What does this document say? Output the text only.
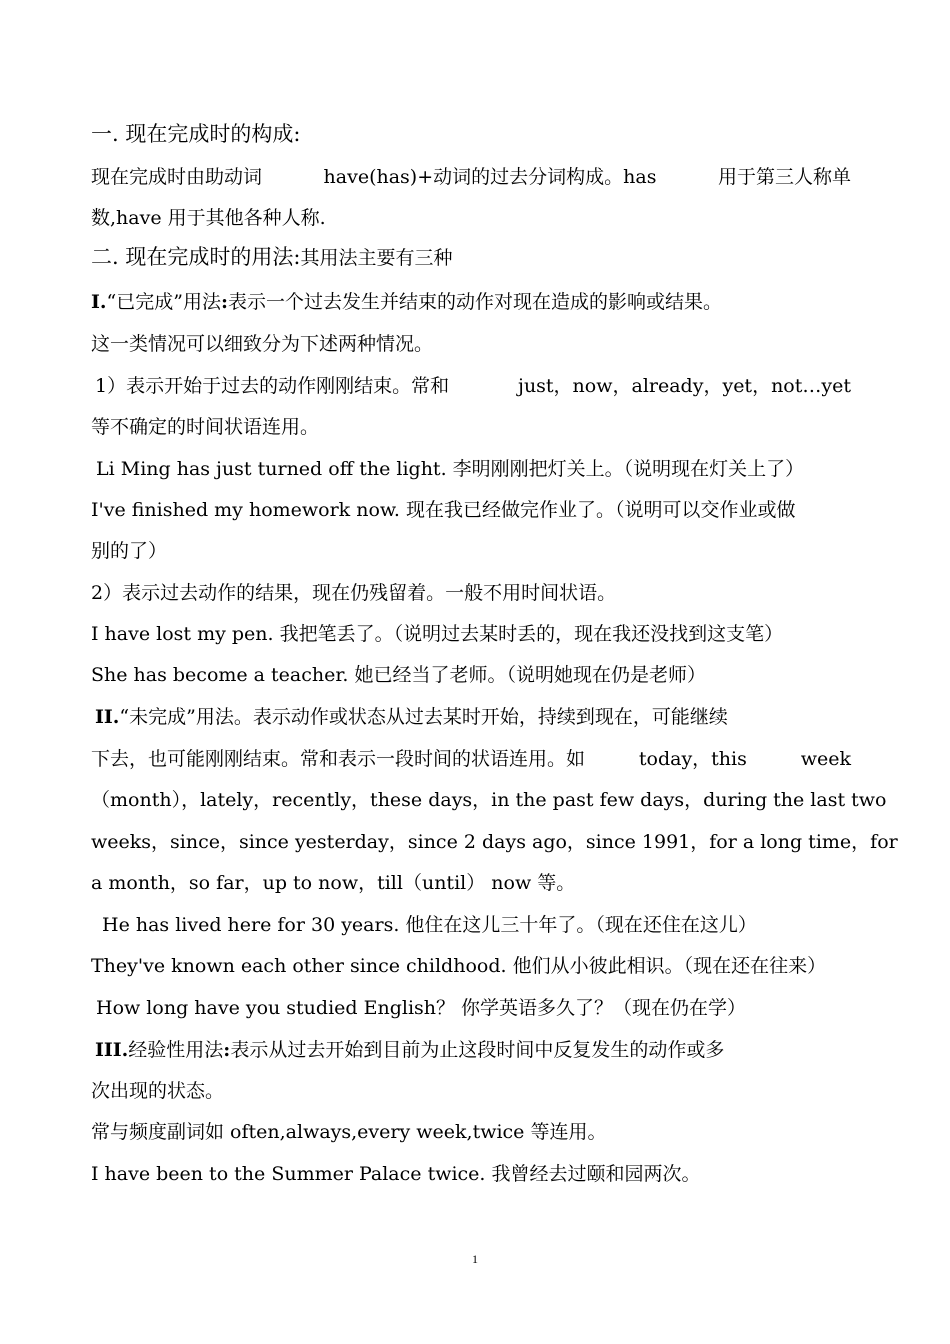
一. 现在完成时的构成:
现在完成时由助动词	have(has)+动词的过去分词构成。has	用于第三人称单
数,have 用于其他各种人称.
二. 现在完成时的用法:其用法主要有三种
I.“已完成”用法:表示一个过去发生并结束的动作对现在造成的影响或结果。
这一类情况可以细致分为下述两种情况。
1）表示开始于过去的动作刚刚结束。常和	just，now，already，yet，not…yet
等不确定的时间状语连用。
Li Ming has just turned off the light. 李明刚刚把灯关上。（说明现在灯关上了）
I've finished my homework now. 现在我已经做完作业了。（说明可以交作业或做
别的了）
2）表示过去动作的结果，现在仍残留着。一般不用时间状语。
I have lost my pen. 我把笔丢了。（说明过去某时丢的，现在我还没找到这支笔）
She has become a teacher. 她已经当了老师。（说明她现在仍是老师）
II.“未完成”用法。表示动作或状态从过去某时开始，持续到现在，可能继续
下去，也可能刚刚结束。常和表示一段时间的状语连用。如	today，this	week
（month），lately，recently，these days，in the past few days，during the last two
weeks，since，since yesterday，since 2 days ago，since 1991，for a long time，for
a month，so far，up to now，till（until） now 等。
He has lived here for 30 years. 他住在这儿三十年了。（现在还住在这儿）
They've known each other since childhood. 他们从小彼此相识。（现在还在往来）
How long have you studied English？ 你学英语多久了？（现在仍在学）
III.经验性用法:表示从过去开始到目前为止这段时间中反复发生的动作或多
次出现的状态。
常与频度副词如 often,always,every week,twice 等连用。
I have been to the Summer Palace twice. 我曾经去过颐和园两次。
1
